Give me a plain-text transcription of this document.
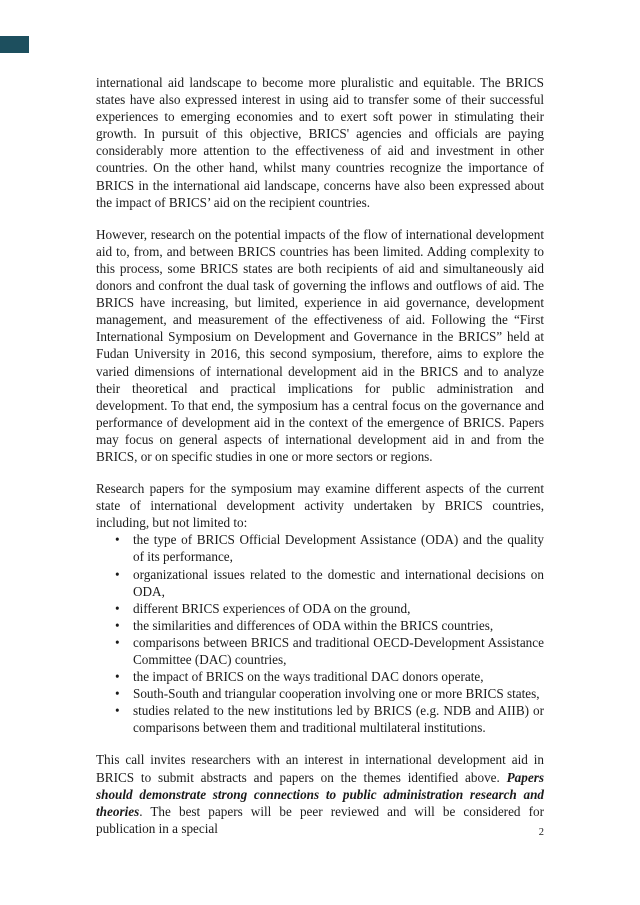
international aid landscape to become more pluralistic and equitable. The BRICS states have also expressed interest in using aid to transfer some of their successful experiences to emerging economies and to exert soft power in stimulating their growth. In pursuit of this objective, BRICS' agencies and officials are paying considerably more attention to the effectiveness of aid and investment in other countries. On the other hand, whilst many countries recognize the importance of BRICS in the international aid landscape, concerns have also been expressed about the impact of BRICS’ aid on the recipient countries.

However, research on the potential impacts of the flow of international development aid to, from, and between BRICS countries has been limited. Adding complexity to this process, some BRICS states are both recipients of aid and simultaneously aid donors and confront the dual task of governing the inflows and outflows of aid. The BRICS have increasing, but limited, experience in aid governance, development management, and measurement of the effectiveness of aid. Following the “First International Symposium on Development and Governance in the BRICS” held at Fudan University in 2016, this second symposium, therefore, aims to explore the varied dimensions of international development aid in the BRICS and to analyze their theoretical and practical implications for public administration and development. To that end, the symposium has a central focus on the governance and performance of development aid in the context of the emergence of BRICS. Papers may focus on general aspects of international development aid in and from the BRICS, or on specific studies in one or more sectors or regions.

Research papers for the symposium may examine different aspects of the current state of international development activity undertaken by BRICS countries, including, but not limited to:

•	the type of BRICS Official Development Assistance (ODA) and the quality of its performance,
•	organizational issues related to the domestic and international decisions on ODA,
•	different BRICS experiences of ODA on the ground,
•	the similarities and differences of ODA within the BRICS countries,
•	comparisons between BRICS and traditional OECD-Development Assistance Committee (DAC) countries,
•	the impact of BRICS on the ways traditional DAC donors operate,
•	South-South and triangular cooperation involving one or more BRICS states,
•	studies related to the new institutions led by BRICS (e.g. NDB and AIIB) or comparisons between them and traditional multilateral institutions.

This call invites researchers with an interest in international development aid in BRICS to submit abstracts and papers on the themes identified above. Papers should demonstrate strong connections to public administration research and theories. The best papers will be peer reviewed and will be considered for publication in a special	2
